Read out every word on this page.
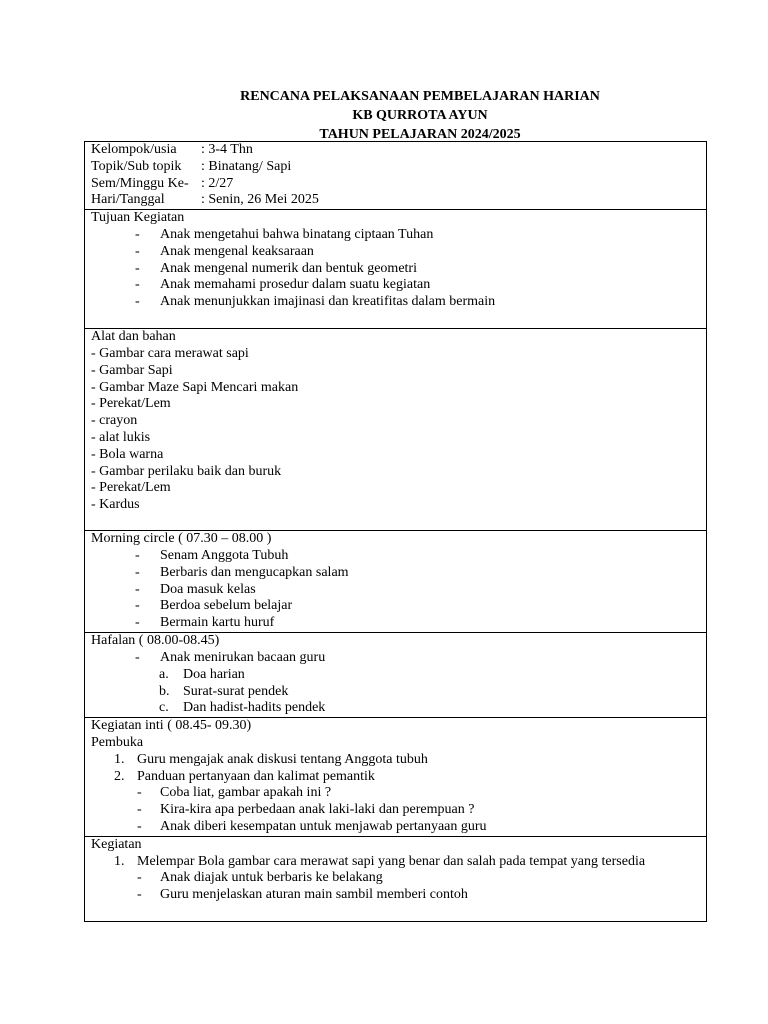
RENCANA PELAKSANAAN PEMBELAJARAN HARIAN
KB QURROTA AYUN
TAHUN PELAJARAN 2024/2025
Kelompok/usia	: 3-4 Thn
Topik/Sub topik	: Binatang/ Sapi
Sem/Minggu Ke- : 2/27
Hari/Tanggal	: Senin, 26 Mei 2025

Tujuan Kegiatan
-	Anak mengetahui bahwa binatang ciptaan Tuhan
-	Anak mengenal keaksaraan
-	Anak mengenal numerik dan bentuk geometri
-	Anak memahami prosedur dalam suatu kegiatan
-	Anak menunjukkan imajinasi dan kreatifitas dalam bermain

Alat dan bahan
- Gambar cara merawat sapi
- Gambar Sapi
- Gambar Maze Sapi Mencari makan
- Perekat/Lem
- crayon
- alat lukis
- Bola warna
- Gambar perilaku baik dan buruk
- Perekat/Lem
- Kardus

Morning circle ( 07.30 – 08.00 )
-	Senam Anggota Tubuh
-	Berbaris dan mengucapkan salam
-	Doa masuk kelas
-	Berdoa sebelum belajar
-	Bermain kartu huruf

Hafalan ( 08.00-08.45)
-	Anak menirukan bacaan guru
a.	Doa harian
b. Surat-surat pendek
c.	Dan hadist-hadits pendek

Kegiatan inti ( 08.45- 09.30)
Pembuka
1. Guru mengajak anak diskusi tentang Anggota tubuh
2. Panduan pertanyaan dan kalimat pemantik
-	Coba liat, gambar apakah ini ?
-	Kira-kira apa perbedaan anak laki-laki dan perempuan ?
-	Anak diberi kesempatan untuk menjawab pertanyaan guru

Kegiatan
1. Melempar Bola gambar cara merawat sapi yang benar dan salah pada tempat yang tersedia
-	Anak diajak untuk berbaris ke belakang
-	Guru menjelaskan aturan main sambil memberi contoh
